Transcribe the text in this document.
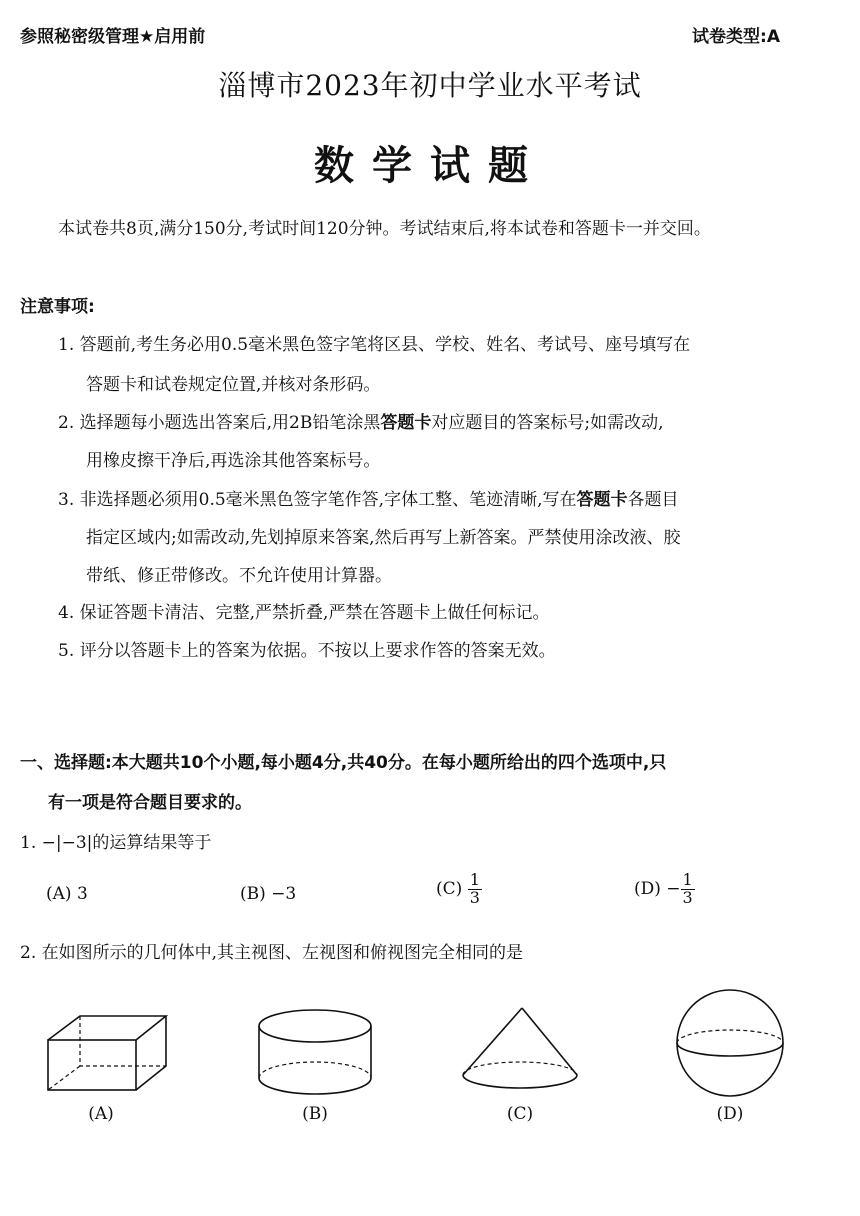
参照秘密级管理★启用前	试卷类型:A
淄博市2023年初中学业水平考试
数学试题
本试卷共8页,满分150分,考试时间120分钟。考试结束后,将本试卷和答题卡一并交回。
注意事项:
1. 答题前,考生务必用0.5毫米黑色签字笔将区县、学校、姓名、考试号、座号填写在
答题卡和试卷规定位置,并核对条形码。
2. 选择题每小题选出答案后,用2B铅笔涂黑答题卡对应题目的答案标号;如需改动,
用橡皮擦干净后,再选涂其他答案标号。
3. 非选择题必须用0.5毫米黑色签字笔作答,字体工整、笔迹清晰,写在答题卡各题目
指定区域内;如需改动,先划掉原来答案,然后再写上新答案。严禁使用涂改液、胶
带纸、修正带修改。不允许使用计算器。
4. 保证答题卡清洁、完整,严禁折叠,严禁在答题卡上做任何标记。
5. 评分以答题卡上的答案为依据。不按以上要求作答的答案无效。
一、选择题:本大题共10个小题,每小题4分,共40分。在每小题所给出的四个选项中,只
有一项是符合题目要求的。
1. −|−3|的运算结果等于
(A) 3	(B) −3	$(C) \frac{1}{3}$	$(D) - \frac{1}{3}$
2. 在如图所示的几何体中,其主视图、左视图和俯视图完全相同的是
(A)	(B)	(C)	(D)
